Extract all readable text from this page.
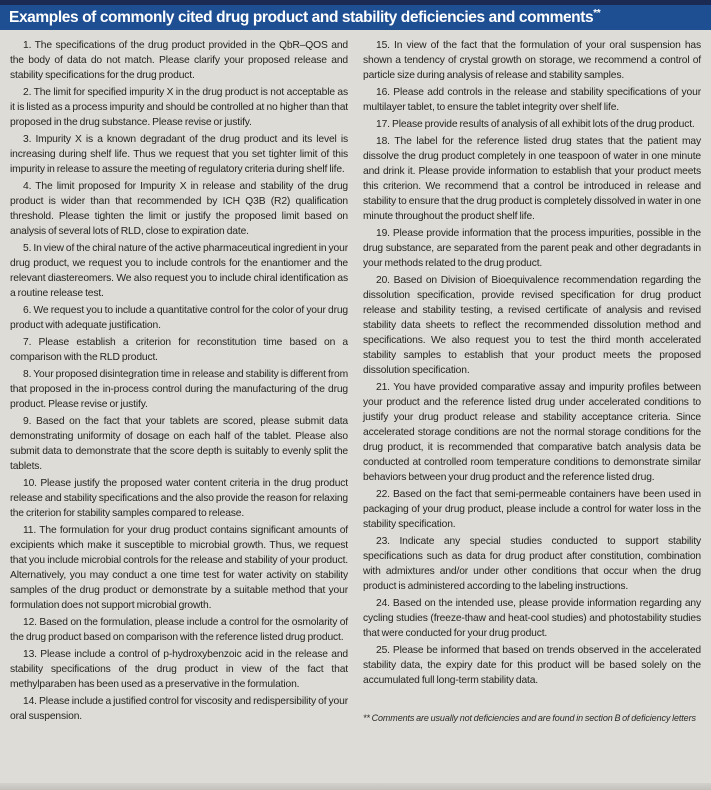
Examples of commonly cited drug product and stability deficiencies and comments**

1. The specifications of the drug product provided in the QbR–QOS and the body of data do not match. Please clarify your proposed release and stability specifications for the drug product.

2. The limit for specified impurity X in the drug product is not acceptable as it is listed as a process impurity and should be controlled at no higher than that proposed in the drug substance. Please revise or justify.

3. Impurity X is a known degradant of the drug product and its level is increasing during shelf life. Thus we request that you set tighter limit of this impurity in release to assure the meeting of regulatory criteria during shelf life.

4. The limit proposed for Impurity X in release and stability of the drug product is wider than that recommended by ICH Q3B (R2) qualification threshold. Please tighten the limit or justify the proposed limit based on analysis of several lots of RLD, close to expiration date.

5. In view of the chiral nature of the active pharmaceutical ingredient in your drug product, we request you to include controls for the enantiomer and the relevant diastereomers. We also request you to include chiral identification as a routine release test.

6. We request you to include a quantitative control for the color of your drug product with adequate justification.

7. Please establish a criterion for reconstitution time based on a comparison with the RLD product.

8. Your proposed disintegration time in release and stability is different from that proposed in the in-process control during the manufacturing of the drug product. Please revise or justify.

9. Based on the fact that your tablets are scored, please submit data demonstrating uniformity of dosage on each half of the tablet. Please also submit data to demonstrate that the score depth is suitably to evenly split the tablets.

10. Please justify the proposed water content criteria in the drug product release and stability specifications and the also provide the reason for relaxing the criterion for stability samples compared to release.

11. The formulation for your drug product contains significant amounts of excipients which make it susceptible to microbial growth. Thus, we request that you include microbial controls for the release and stability of your product. Alternatively, you may conduct a one time test for water activity on stability samples of the drug product or demonstrate by a suitable method that your formulation does not support microbial growth.

12. Based on the formulation, please include a control for the osmolarity of the drug product based on comparison with the reference listed drug product.

13. Please include a control of p-hydroxybenzoic acid in the release and stability specifications of the drug product in view of the fact that methylparaben has been used as a preservative in the formulation.

14. Please include a justified control for viscosity and redispersibility of your oral suspension.

15. In view of the fact that the formulation of your oral suspension has shown a tendency of crystal growth on storage, we recommend a control of particle size during analysis of release and stability samples.

16. Please add controls in the release and stability specifications of your multilayer tablet, to ensure the tablet integrity over shelf life.

17. Please provide results of analysis of all exhibit lots of the drug product.

18. The label for the reference listed drug states that the patient may dissolve the drug product completely in one teaspoon of water in one minute and drink it. Please provide information to establish that your product meets this criterion. We recommend that a control be introduced in release and stability to ensure that the drug product is completely dissolved in water in one minute throughout the product shelf life.

19. Please provide information that the process impurities, possible in the drug substance, are separated from the parent peak and other degradants in your methods related to the drug product.

20. Based on Division of Bioequivalence recommendation regarding the dissolution specification, provide revised specification for drug product release and stability testing, a revised certificate of analysis and revised stability data sheets to reflect the recommended dissolution method and specifications. We also request you to test the third month accelerated stability samples to establish that your product meets the proposed dissolution specification.

21. You have provided comparative assay and impurity profiles between your product and the reference listed drug under accelerated conditions to justify your drug product release and stability acceptance criteria. Since accelerated storage conditions are not the normal storage conditions for the drug product, it is recommended that comparative batch analysis data be conducted at controlled room temperature conditions to demonstrate similar behaviors between your drug product and the reference listed drug.

22. Based on the fact that semi-permeable containers have been used in packaging of your drug product, please include a control for water loss in the stability specification.

23. Indicate any special studies conducted to support stability specifications such as data for drug product after constitution, combination with admixtures and/or under other conditions that occur when the drug product is administered according to the labeling instructions.

24. Based on the intended use, please provide information regarding any cycling studies (freeze-thaw and heat-cool studies) and photostability studies that were conducted for your drug product.

25. Please be informed that based on trends observed in the accelerated stability data, the expiry date for this product will be based solely on the accumulated full long-term stability data.

** Comments are usually not deficiencies and are found in section B of deficiency letters
